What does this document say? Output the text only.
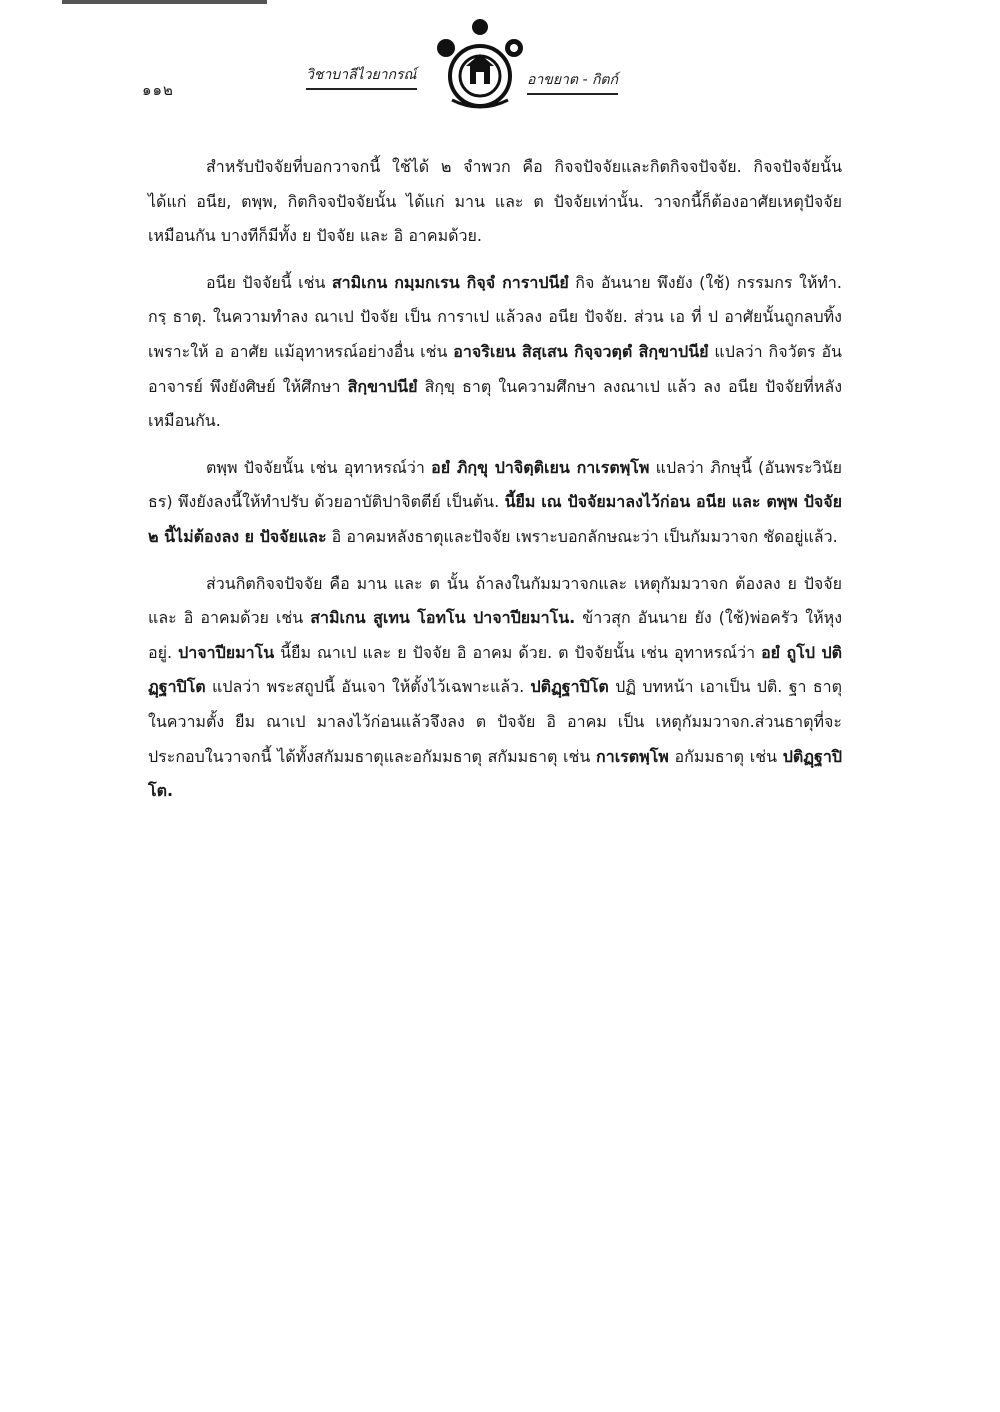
๑๑๒
วิชาบาลีไวยากรณ์	อาขยาต - กิตก์

สำหรับปัจจัยที่บอกวาจกนี้ ใช้ได้ ๒ จำพวก คือ กิจจปัจจัยและกิตกิจจปัจจัย. กิจจปัจจัยนั้น ได้แก่ อนีย, ตพฺพ, กิตกิจจปัจจัยนั้น ได้แก่ มาน และ ต ปัจจัยเท่านั้น. วาจกนี้ก็ต้องอาศัยเหตุปัจจัยเหมือนกัน บางทีก็มีทั้ง ย ปัจจัย และ อิ อาคมด้วย.

อนีย ปัจจัยนี้ เช่น สามิเกน กมฺมกเรน กิจฺจํ การาปนียํ กิจ อันนาย พึงยัง (ใช้) กรรมกร ให้ทำ. กรฺ ธาตุ. ในความทำลง ณาเป ปัจจัย เป็น การาเป แล้วลง อนีย ปัจจัย. ส่วน เอ ที่ ป อาศัยนั้นถูกลบทิ้ง เพราะให้ อ อาศัย แม้อุทาหรณ์อย่างอื่น เช่น อาจริเยน สิสฺเสน กิจฺจวตฺตํ สิกฺขาปนียํ แปลว่า กิจวัตร อันอาจารย์ พึงยังศิษย์ ให้ศึกษา สิกฺขาปนียํ สิกฺขฺ ธาตุ ในความศึกษา ลงณาเป แล้ว ลง อนีย ปัจจัยที่หลังเหมือนกัน.

ตพฺพ ปัจจัยนั้น เช่น อุทาหรณ์ว่า อยํ ภิกฺขุ ปาจิตฺติเยน กาเรตพฺโพ แปลว่า ภิกษุนี้ (อันพระวินัยธร) พึงยังลงนี้ให้ทำปรับ ด้วยอาบัติปาจิตตีย์ เป็นต้น. นี้ยืม เณ ปัจจัยมาลงไว้ก่อน อนีย และ ตพฺพ ปัจจัย ๒ นี้ไม่ต้องลง ย ปัจจัยและ อิ อาคมหลังธาตุและปัจจัย เพราะบอกลักษณะว่า เป็นกัมมวาจก ชัดอยู่แล้ว.

ส่วนกิตกิจจปัจจัย คือ มาน และ ต นั้น ถ้าลงในกัมมวาจกและ เหตุกัมมวาจก ต้องลง ย ปัจจัย และ อิ อาคมด้วย เช่น สามิเกน สูเทน โอทโน ปาจาปียมาโน. ข้าวสุก อันนาย ยัง (ใช้)พ่อครัว ให้หุงอยู่. ปาจาปียมาโน นี้ยืม ณาเป และ ย ปัจจัย อิ อาคม ด้วย. ต ปัจจัยนั้น เช่น อุทาหรณ์ว่า อยํ ถูโป ปติฏฺฐาปิโต แปลว่า พระสถูปนี้ อันเจา ให้ตั้งไว้เฉพาะแล้ว. ปติฏฺฐาปิโต ปฏิ บทหน้า เอาเป็น ปติ. ฐา ธาตุ ในความตั้ง ยืม ณาเป มาลงไว้ก่อนแล้วจึงลง ต ปัจจัย อิ อาคม เป็น เหตุกัมมวาจก.ส่วนธาตุที่จะประกอบในวาจกนี้ ได้ทั้งสกัมมธาตุและอกัมมธาตุ สกัมมธาตุ เช่น กาเรตพฺโพ อกัมมธาตุ เช่น ปติฏฺฐาปิโต.
